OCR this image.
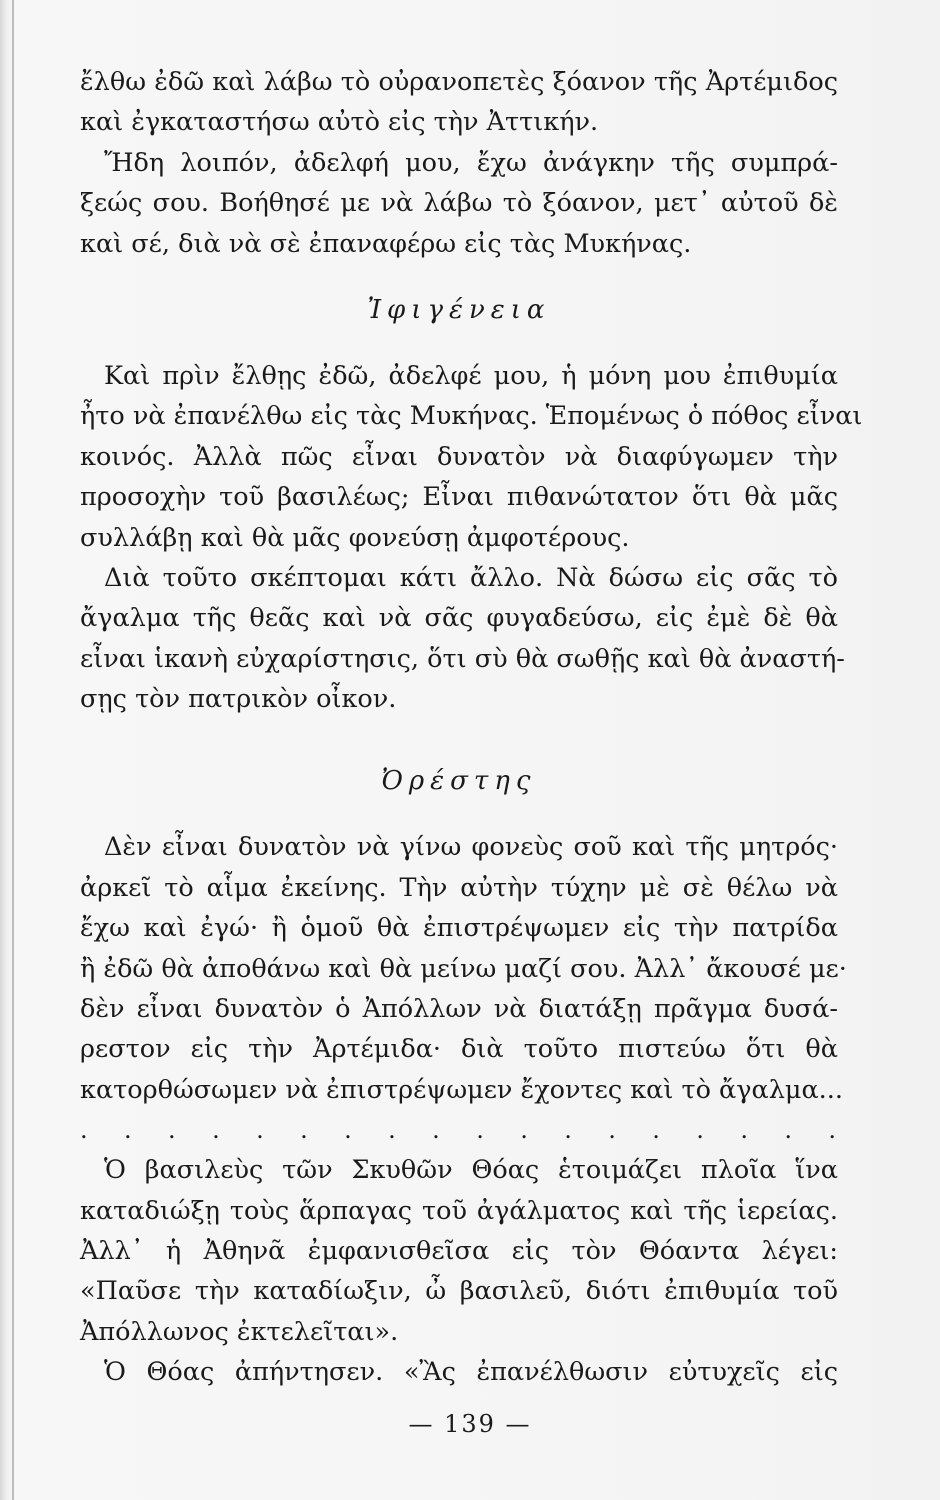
ἔλθω ἐδῶ καὶ λάβω τὸ οὐρανοπετὲς ξόανον τῆς Ἀρτέμιδος
καὶ ἐγκαταστήσω αὐτὸ εἰς τὴν Ἀττικήν.
Ἤδη λοιπόν, ἀδελφή μου, ἔχω ἀνάγκην τῆς συμπρά-
ξεώς σου. Βοήθησέ με νὰ λάβω τὸ ξόανον, μετ᾽ αὐτοῦ δὲ
καὶ σέ, διὰ νὰ σὲ ἐπαναφέρω εἰς τὰς Μυκήνας.
Ἰφιγένεια
Καὶ πρὶν ἔλθῃς ἐδῶ, ἀδελφέ μου, ἡ μόνη μου ἐπιθυμία
ἦτο νὰ ἐπανέλθω εἰς τὰς Μυκήνας. Ἑπομένως ὁ πόθος εἶναι
κοινός. Ἀλλὰ πῶς εἶναι δυνατὸν νὰ διαφύγωμεν τὴν
προσοχὴν τοῦ βασιλέως; Εἶναι πιθανώτατον ὅτι θὰ μᾶς
συλλάβῃ καὶ θὰ μᾶς φονεύσῃ ἀμφοτέρους.
Διὰ τοῦτο σκέπτομαι κάτι ἄλλο. Νὰ δώσω εἰς σᾶς τὸ
ἄγαλμα τῆς θεᾶς καὶ νὰ σᾶς φυγαδεύσω, εἰς ἐμὲ δὲ θὰ
εἶναι ἱκανὴ εὐχαρίστησις, ὅτι σὺ θὰ σωθῇς καὶ θὰ ἀναστή-
σῃς τὸν πατρικὸν οἶκον.
Ὀρέστης
Δὲν εἶναι δυνατὸν νὰ γίνω φονεὺς σοῦ καὶ τῆς μητρός·
ἀρκεῖ τὸ αἷμα ἐκείνης. Τὴν αὐτὴν τύχην μὲ σὲ θέλω νὰ
ἔχω καὶ ἐγώ· ἢ ὁμοῦ θὰ ἐπιστρέψωμεν εἰς τὴν πατρίδα
ἢ ἐδῶ θὰ ἀποθάνω καὶ θὰ μείνω μαζί σου. Ἀλλ᾽ ἄκουσέ με·
δὲν εἶναι δυνατὸν ὁ Ἀπόλλων νὰ διατάξῃ πρᾶγμα δυσά-
ρεστον εἰς τὴν Ἀρτέμιδα· διὰ τοῦτο πιστεύω ὅτι θὰ
κατορθώσωμεν νὰ ἐπιστρέψωμεν ἔχοντες καὶ τὸ ἄγαλμα...
. . . . . . . . . . . . . . . . . .
Ὁ βασιλεὺς τῶν Σκυθῶν Θόας ἑτοιμάζει πλοῖα ἵνα
καταδιώξῃ τοὺς ἅρπαγας τοῦ ἀγάλματος καὶ τῆς ἱερείας.
Ἀλλ᾽ ἡ Ἀθηνᾶ ἐμφανισθεῖσα εἰς τὸν Θόαντα λέγει:
«Παῦσε τὴν καταδίωξιν, ὦ βασιλεῦ, διότι ἐπιθυμία τοῦ
Ἀπόλλωνος ἐκτελεῖται».
Ὁ Θόας ἀπήντησεν. «Ἂς ἐπανέλθωσιν εὐτυχεῖς εἰς
— 139 —
